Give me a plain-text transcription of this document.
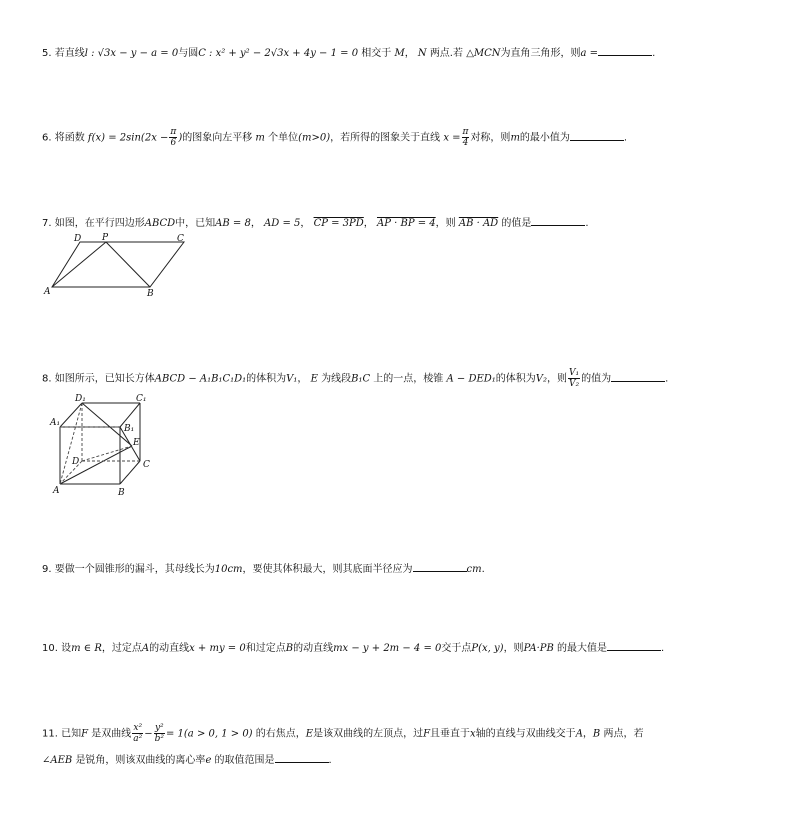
5. 若直线l : √3x − y − a = 0与圆C : x² + y² − 2√3x + 4y − 1 = 0 相交于 M， N 两点.若 △MCN为直角三角形，则a =	.
6. 将函数 $f(x) = 2\sin(2x - \frac{\pi}{6}$ )的图象向左平移 m 个单位(m>0)，若所得的图象关于直线 $x = \frac{\pi}{4}$ 对称，则m的最小值为	.
7. 如图，在平行四边形ABCD中，已知AB = 8， AD = 5， CP = 3PD， AP · BP = 4，则 AB · AD 的值是	.
D P	C
A	B
8. 如图所示，已知长方体ABCD − A₁B₁C₁D₁的体积为V₁， E 为线段B₁C 上的一点，棱锥 A − DED₁的体积为V₂，则 $\frac{\text{V₁}}{\text{V₂}}$ 的值为	.
D₁	C₁
A₁
B₁
E
D	C
A	B
9. 要做一个圆锥形的漏斗，其母线长为10cm，要使其体积最大，则其底面半径应为	cm.
10. 设m ∈ R，过定点A的动直线x + my = 0和过定点B的动直线mx − y + 2m − 4 = 0交于点P(x, y)，则PA·PB 的最大值是	.
11. 已知F 是双曲线 $\frac{\text{x²}}{\text{a²}} - \frac{\text{y²}}{\text{b²}} = 1(a > 0$, 1 > 0) 的右焦点，E是该双曲线的左顶点，过F且垂直于x轴的直线与双曲线交于A，B 两点，若
∠AEB 是锐角，则该双曲线的离心率e 的取值范围是	.
